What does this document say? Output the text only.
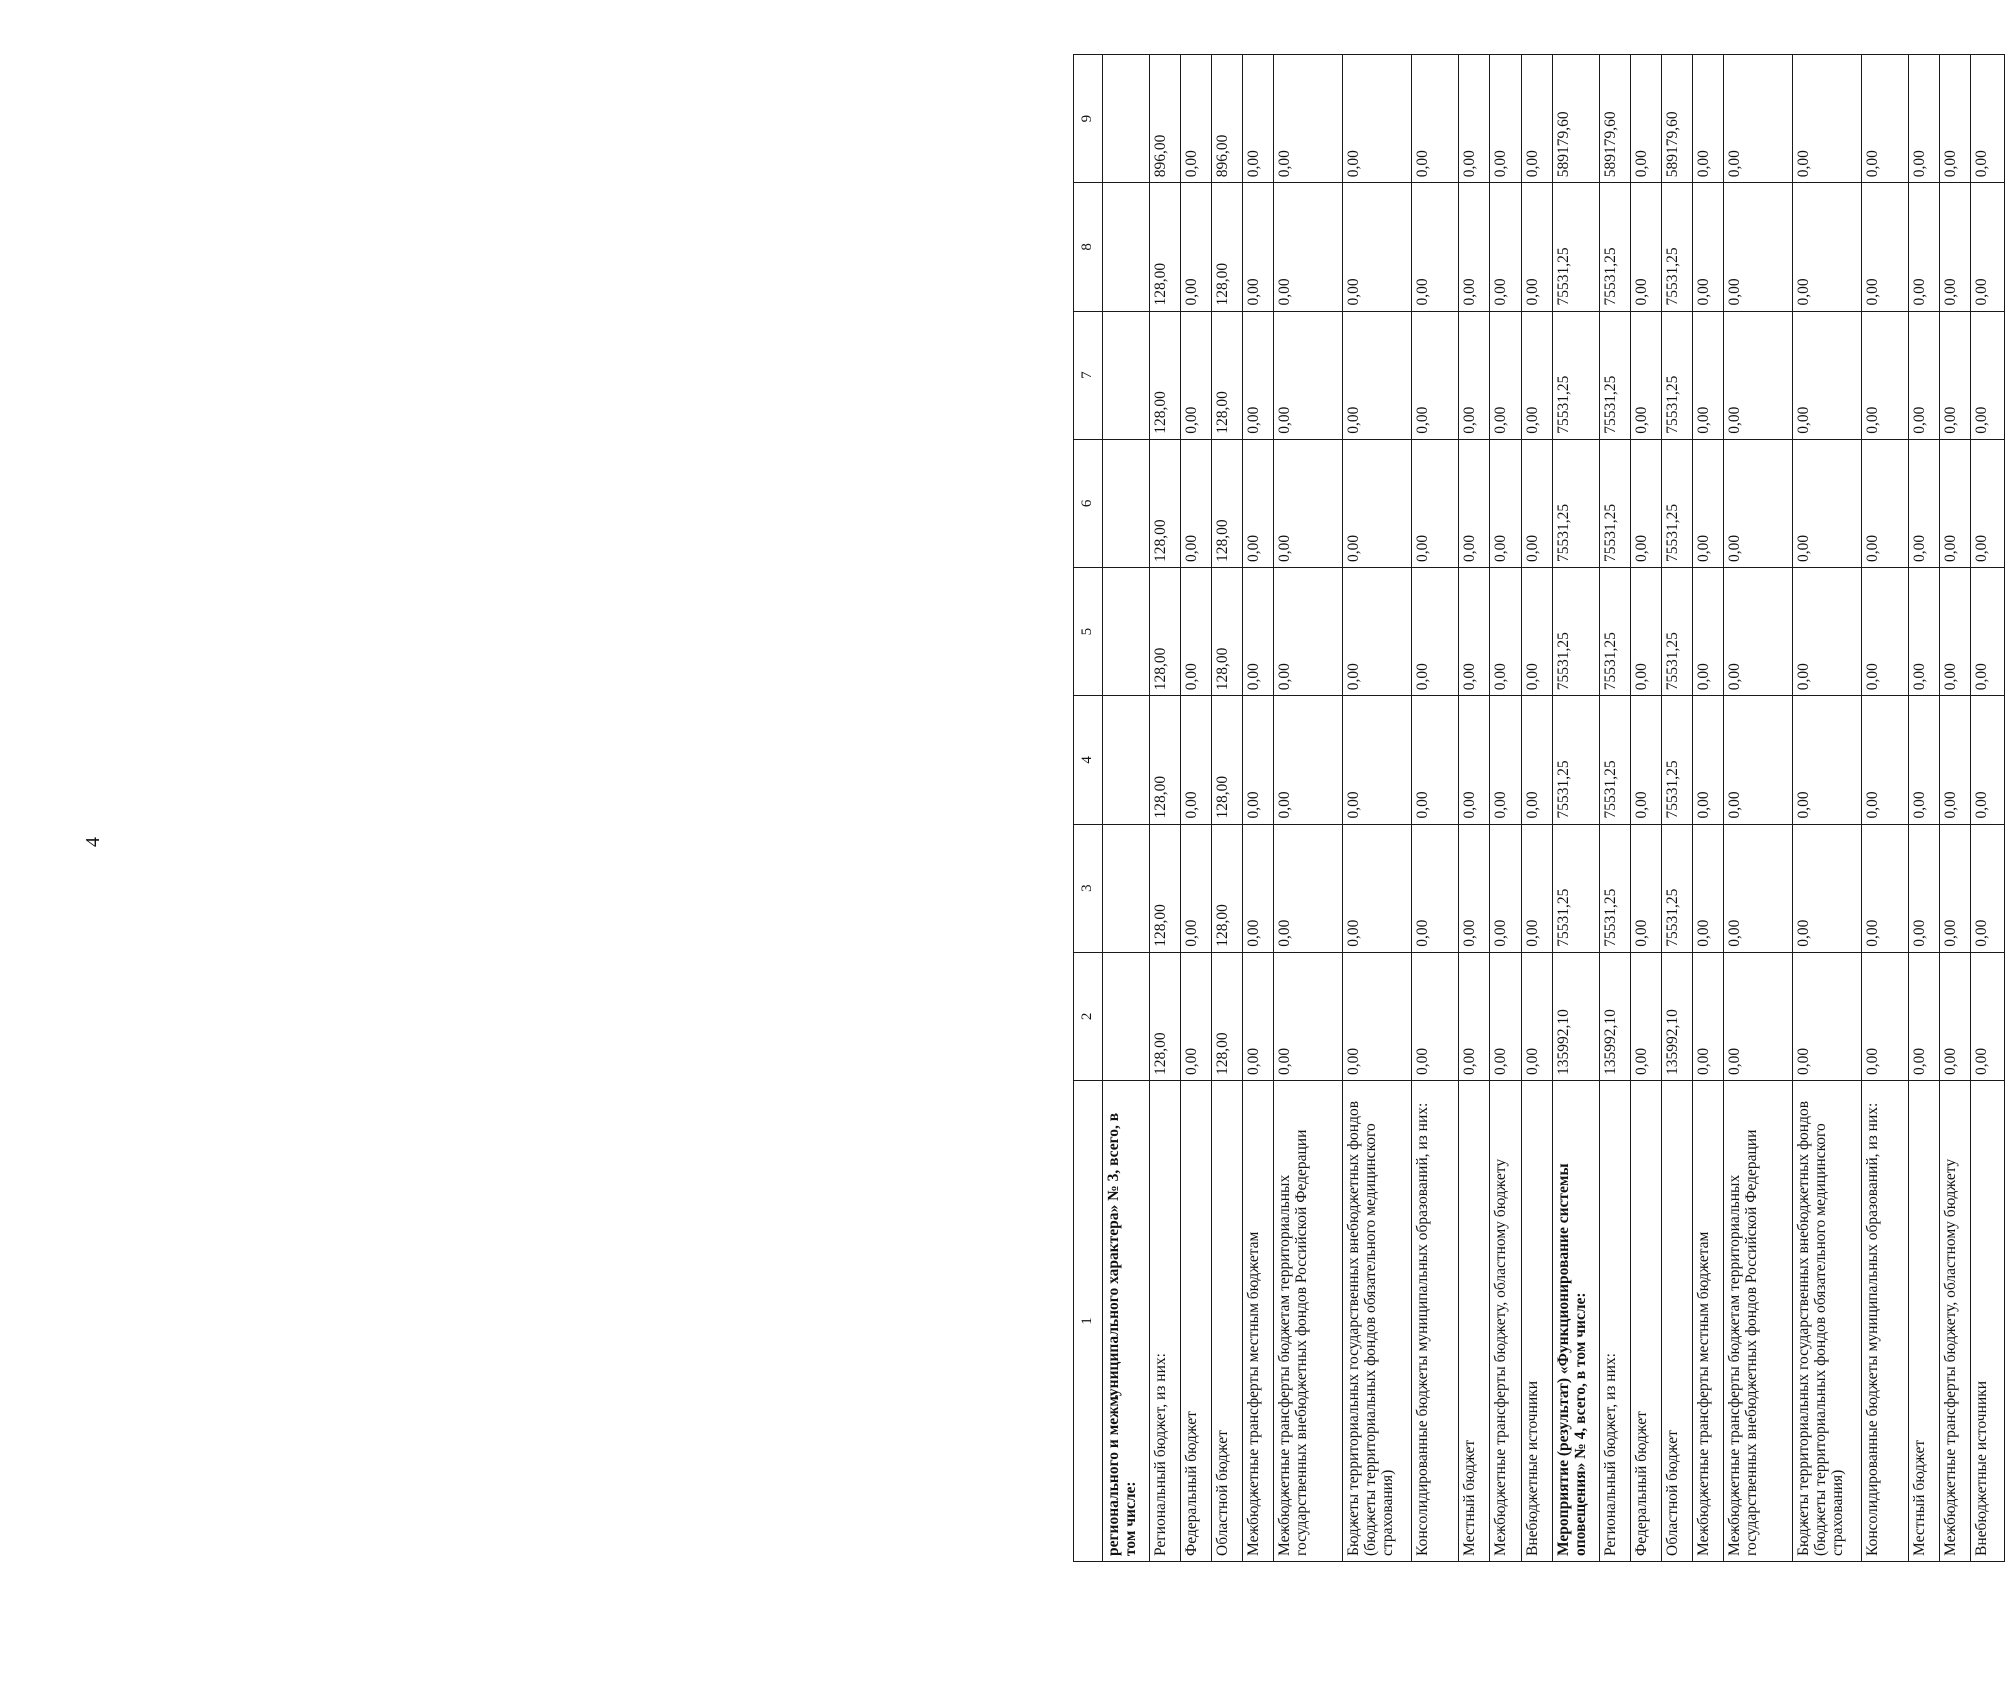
4
1	2	3	4	5	6	7	8	9
регионального и межмуниципального характера» № 3, всего, в том числе:								
Региональный бюджет, из них:	128,00	128,00	128,00	128,00	128,00	128,00	128,00	896,00
Федеральный бюджет	0,00	0,00	0,00	0,00	0,00	0,00	0,00	0,00
Областной бюджет	128,00	128,00	128,00	128,00	128,00	128,00	128,00	896,00
Межбюджетные трансферты местным бюджетам	0,00	0,00	0,00	0,00	0,00	0,00	0,00	0,00
Межбюджетные трансферты бюджетам территориальных государственных внебюджетных фондов Российской Федерации	0,00	0,00	0,00	0,00	0,00	0,00	0,00	0,00
Бюджеты территориальных государственных внебюджетных фондов (бюджеты территориальных фондов обязательного медицинского страхования)	0,00	0,00	0,00	0,00	0,00	0,00	0,00	0,00
Консолидированные бюджеты муниципальных образований, из них:	0,00	0,00	0,00	0,00	0,00	0,00	0,00	0,00
Местный бюджет	0,00	0,00	0,00	0,00	0,00	0,00	0,00	0,00
Межбюджетные трансферты бюджету, областному бюджету	0,00	0,00	0,00	0,00	0,00	0,00	0,00	0,00
Внебюджетные источники	0,00	0,00	0,00	0,00	0,00	0,00	0,00	0,00
Мероприятие (результат) «Функционирование системы оповещения» № 4, всего, в том числе:	135992,10	75531,25	75531,25	75531,25	75531,25	75531,25	75531,25	589179,60
Региональный бюджет, из них:	135992,10	75531,25	75531,25	75531,25	75531,25	75531,25	75531,25	589179,60
Федеральный бюджет	0,00	0,00	0,00	0,00	0,00	0,00	0,00	0,00
Областной бюджет	135992,10	75531,25	75531,25	75531,25	75531,25	75531,25	75531,25	589179,60
Межбюджетные трансферты местным бюджетам	0,00	0,00	0,00	0,00	0,00	0,00	0,00	0,00
Межбюджетные трансферты бюджетам территориальных государственных внебюджетных фондов Российской Федерации	0,00	0,00	0,00	0,00	0,00	0,00	0,00	0,00
Бюджеты территориальных государственных внебюджетных фондов (бюджеты территориальных фондов обязательного медицинского страхования)	0,00	0,00	0,00	0,00	0,00	0,00	0,00	0,00
Консолидированные бюджеты муниципальных образований, из них:	0,00	0,00	0,00	0,00	0,00	0,00	0,00	0,00
Местный бюджет	0,00	0,00	0,00	0,00	0,00	0,00	0,00	0,00
Межбюджетные трансферты бюджету, областному бюджету	0,00	0,00	0,00	0,00	0,00	0,00	0,00	0,00
Внебюджетные источники	0,00	0,00	0,00	0,00	0,00	0,00	0,00	0,00
